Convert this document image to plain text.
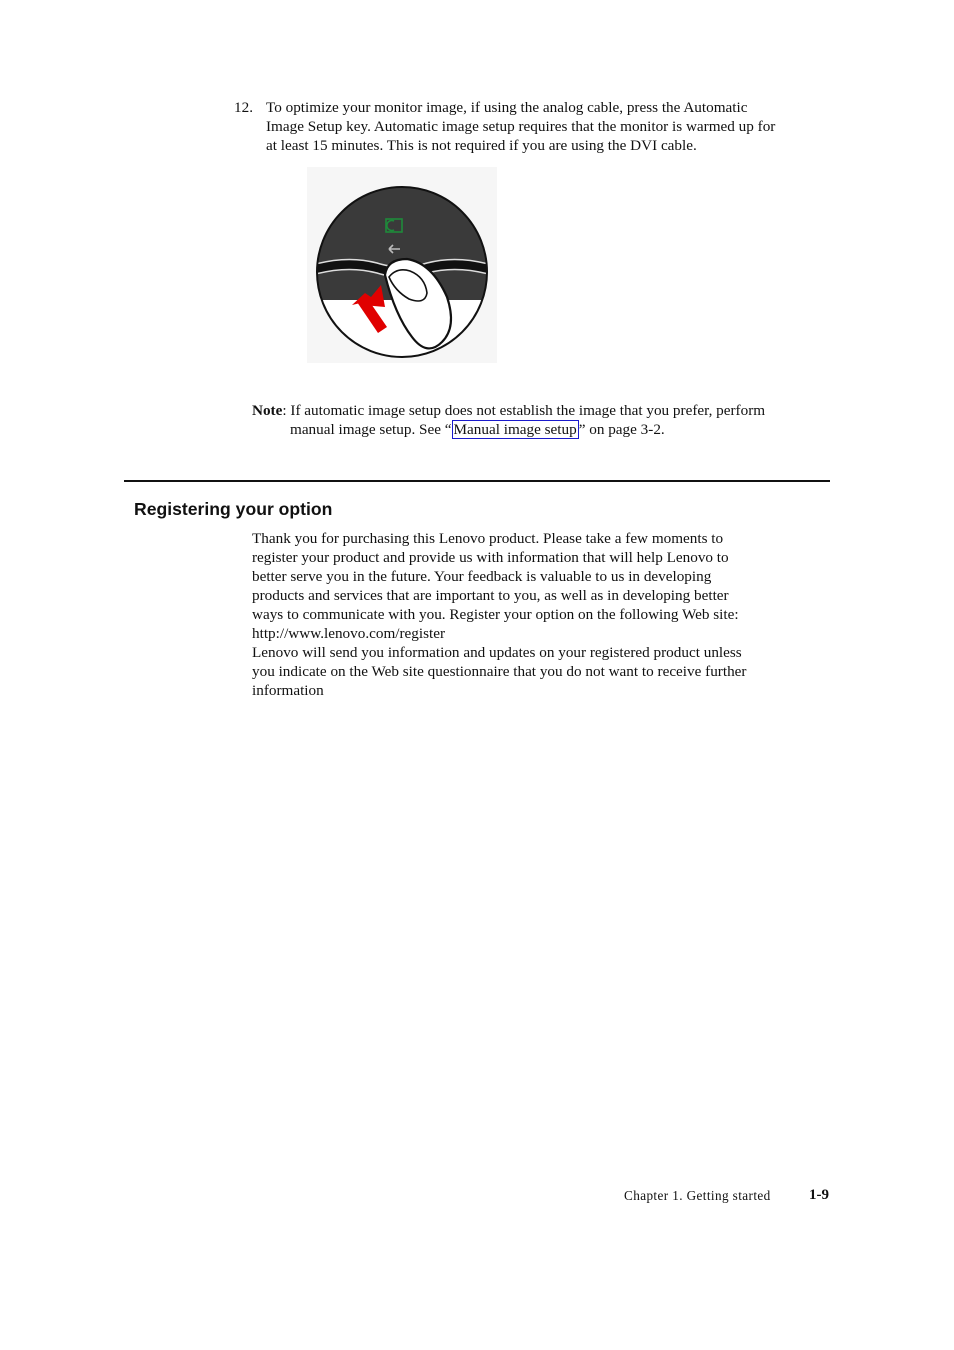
12. To optimize your monitor image, if using the analog cable, press the Automatic
Image Setup key. Automatic image setup requires that the monitor is warmed up for
at least 15 minutes. This is not required if you are using the DVI cable.
Note: If automatic image setup does not establish the image that you prefer, perform
manual image setup. See “ Manual image setup ” on page 3-2.
Registering your option
Thank you for purchasing this Lenovo product. Please take a few moments to
register your product and provide us with information that will help Lenovo to
better serve you in the future. Your feedback is valuable to us in developing
products and services that are important to you, as well as in developing better
ways to communicate with you. Register your option on the following Web site:
http://www.lenovo.com/register
Lenovo will send you information and updates on your registered product unless
you indicate on the Web site questionnaire that you do not want to receive further
information
Chapter 1. Getting started	1-9
